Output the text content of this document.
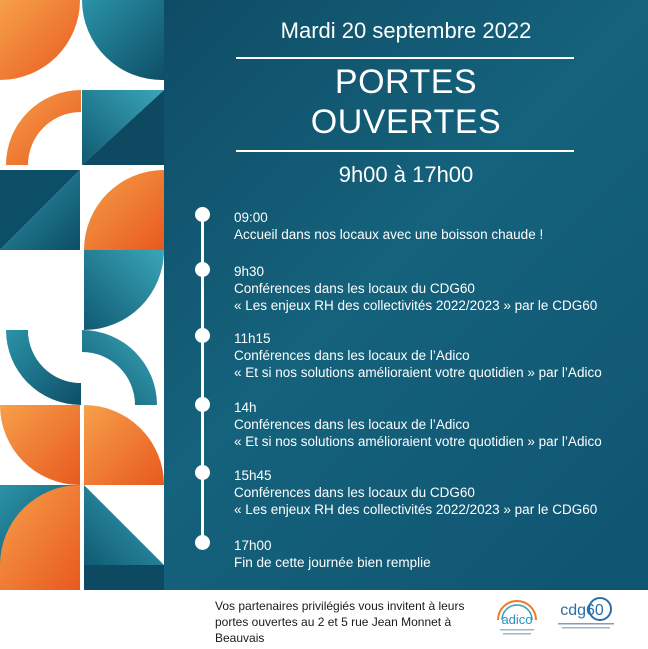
Mardi 20 septembre 2022
PORTES
OUVERTES
9h00 à 17h00
09:00
Accueil dans nos locaux avec une boisson chaude !
9h30
Conférences dans les locaux du CDG60
« Les enjeux RH des collectivités 2022/2023 » par le CDG60
11h15
Conférences dans les locaux de l’Adico
« Et si nos solutions amélioraient votre quotidien » par l’Adico
14h
Conférences dans les locaux de l’Adico
« Et si nos solutions amélioraient votre quotidien » par l’Adico
15h45
Conférences dans les locaux du CDG60
« Les enjeux RH des collectivités 2022/2023 » par le CDG60
17h00
Fin de cette journée bien remplie
Vos partenaires privilégiés vous invitent à leurs
portes ouvertes au 2 et 5 rue Jean Monnet à Beauvais
adico
cdg60
